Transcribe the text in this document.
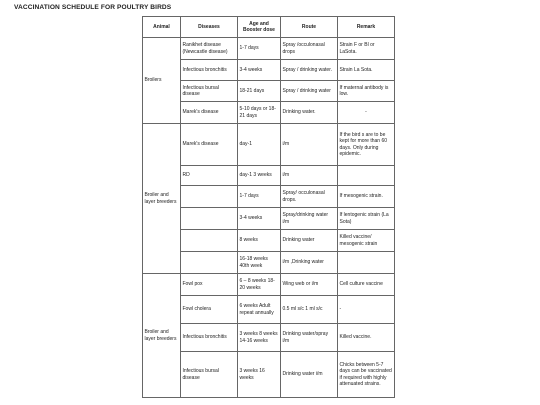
VACCINATION SCHEDULE FOR POULTRY BIRDS
Animal	Diseases	Age and Booster dose	Route	Remark
Broilers	Ranikhet disease (Newcastle disease)	1-7 days	Spray /occulonasal drops	Strain F or Bl or LaSota.
	Infectious bronchitis	3-4 weeks	Spray / drinking water.	Strain La Sota.
	Infectious bursal disease	18-21 days	Spray / drinking water	If maternal antibody is low.
	Marek's disease	5-10 days or 18-21 days	Drinking water.	-
Broiler and layer breeders	Marek's disease	day-1	i/m	If the bird s are to be kept for more than 60 days. Only during epidemic.
	RD	day-1 3 weeks	i/m	
		1-7 days	Spray/ occulonasal drops.	If mesogenic strain.
		3-4 weeks	Spray/drinking water i/m	If lentogenic strain (La Sota)
		8 weeks	Drinking water	Killed vaccine/ mesogenic strain
		16-18 weeks 40th week	i/m ,Drinking water	
Broiler and layer breeders	Fowl pox	6 – 8 weeks 18-20 weeks	Wing web or i/m	Cell culture vaccine
	Fowl cholera	6 weeks Adult repeat annually	0.5 ml s/c 1 ml s/c	-
	Infectious bronchitis	3 weeks 8 weeks 14-16 weeks	Drinking water/spray i/m	Killed vaccine.
	Infectious bursal disease	3 weeks 16 weeks	Drinking water i/m	Chicks between 5-7 days can be vaccinated if required with highly attenuated strains.
